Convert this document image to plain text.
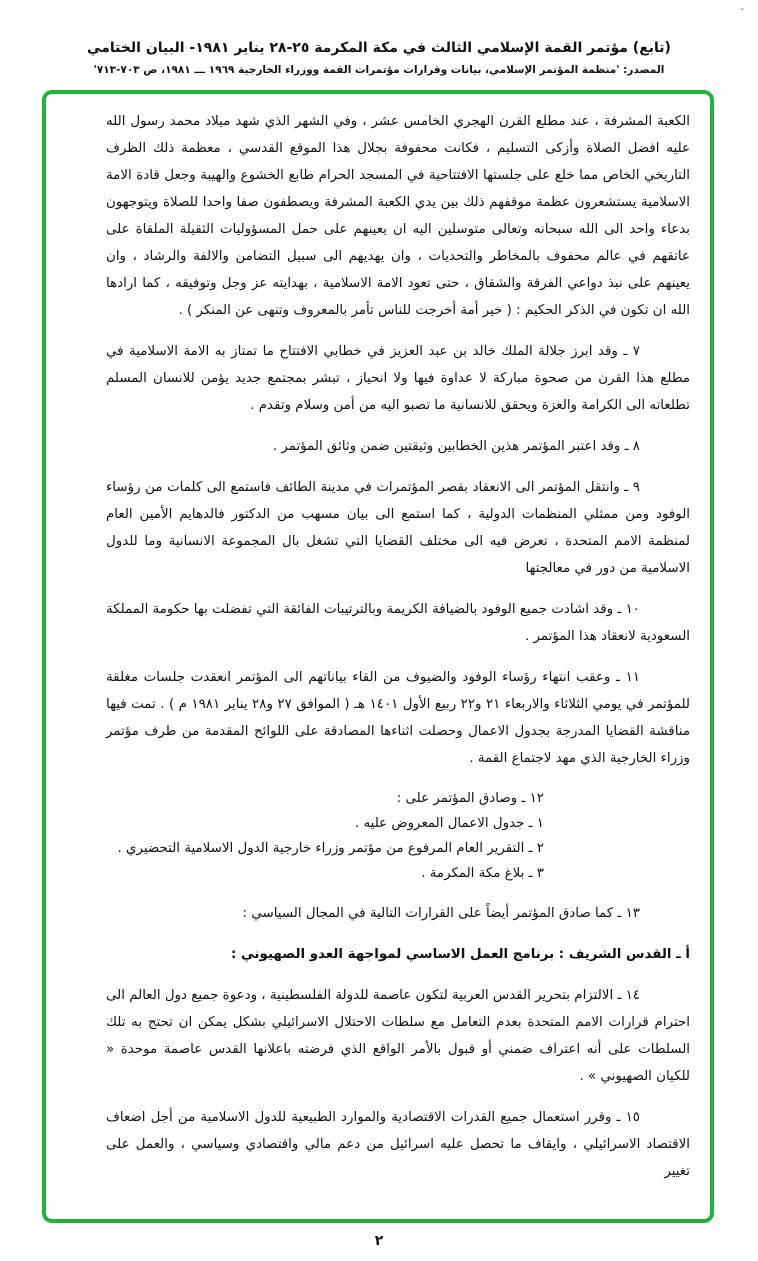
‐
(تابع) مؤتمر القمة الإسلامي الثالث في مكة المكرمة ٢٥-٢٨ يناير ١٩٨١- البيان الختامي
المصدر: 'منظمة المؤتمر الإسلامي، بيانات وقرارات مؤتمرات القمة ووزراء الخارجية ١٩٦٩ ـــ ١٩٨١، ص ٧٠٣-٧١٣'

الكعبة المشرفة ، عند مطلع القرن الهجري الخامس عشر ، وفي الشهر الذي شهد ميلاد محمد رسول الله عليه افضل الصلاة وأزكى التسليم ، فكانت محفوفة بجلال هذا الموقع القدسي ، معظمة ذلك الظرف التاريخي الخاص مما خلع على جلستها الافتتاحية في المسجد الحرام طابع الخشوع والهيبة وجعل قادة الامة الاسلامية يستشعرون عظمة موقفهم ذلك بين يدي الكعبة المشرفة ويصطفون صفا واحدا للصلاة ويتوجهون بدعاء واحد الى الله سبحانه وتعالى متوسلين اليه ان يعينهم على حمل المسؤوليات الثقيلة الملقاة على عاتقهم في عالم محفوف بالمخاطر والتحديات ، وان يهديهم الى سبيل التضامن والالفة والرشاد ، وان يعينهم على نبذ دواعي الفرقة والشقاق ، حتى تعود الامة الاسلامية ، بهدايته عز وجل وتوفيقه ، كما ارادها الله ان تكون في الذكر الحكيم : ( خير أمة أخرجت للناس تأمر بالمعروف وتنهى عن المنكر ) .

٧ ـ وقد ابرز جلالة الملك خالد بن عبد العزيز في خطابي الافتتاح ما تمتاز به الامة الاسلامية في مطلع هذا القرن من صحوة مباركة لا عداوة فيها ولا انحياز ، تبشر بمجتمع جديد يؤمن للانسان المسلم تطلعاته الى الكرامة والعزة ويحقق للانسانية ما تصبو اليه من أمن وسلام وتقدم .

٨ ـ وقد اعتبر المؤتمر هذين الخطابين وثيقتين ضمن وثائق المؤتمر .

٩ ـ وانتقل المؤتمر الى الانعقاد بقصر المؤتمرات في مدينة الطائف فاستمع الى كلمات من رؤساء الوفود ومن ممثلي المنظمات الدولية ، كما استمع الى بيان مسهب من الدكتور فالدهايم الأمين العام لمنظمة الامم المتحدة ، تعرض فيه الى مختلف القضايا التي تشغل بال المجموعة الانسانية وما للدول الاسلامية من دور في معالجتها

١٠ ـ وقد اشادت جميع الوفود بالضيافة الكريمة وبالترتيبات الفائقة التي تفضلت بها حكومة المملكة السعودية لانعقاد هذا المؤتمر .

١١ ـ وعقب انتهاء رؤساء الوفود والضيوف من القاء بياناتهم الى المؤتمر انعقدت جلسات مغلقة للمؤتمر في يومي الثلاثاء والاربعاء ٢١ و٢٢ ربيع الأول ١٤٠١ هـ ( الموافق ٢٧ و٢٨ يناير ١٩٨١ م ) . تمت فيها مناقشة القضايا المدرجة بجدول الاعمال وحصلت اثناءها المصادقة على اللوائح المقدمة من طرف مؤتمر وزراء الخارجية الذي مهد لاجتماع القمة .

١٢ ـ وصادق المؤتمر على :
١ ـ جدول الاعمال المعروض عليه .
٢ ـ التقرير العام المرفوع من مؤتمر وزراء خارجية الدول الاسلامية التحضيري .
٣ ـ بلاغ مكة المكرمة .

١٣ ـ كما صادق المؤتمر أيضاً على القرارات التالية في المجال السياسي :

أ ـ القدس الشريف : برنامج العمل الاساسي لمواجهة العدو الصهيوني :

١٤ ـ الالتزام بتحرير القدس العربية لتكون عاصمة للدولة الفلسطينية ، ودعوة جميع دول العالم الى احترام قرارات الامم المتحدة بعدم التعامل مع سلطات الاحتلال الاسرائيلي بشكل يمكن ان تحتج به تلك السلطات على أنه اعتراف ضمني أو قبول بالأمر الواقع الذي فرضته باعلانها القدس عاصمة موحدة « للكيان الصهيوني » .

١٥ ـ وقرر استعمال جميع القدرات الاقتصادية والموارد الطبيعية للدول الاسلامية من أجل اضعاف الاقتصاد الاسرائيلي ، وايقاف ما تحصل عليه اسرائيل من دعم مالي واقتصادي وسياسي ، والعمل على تغيير

٢
